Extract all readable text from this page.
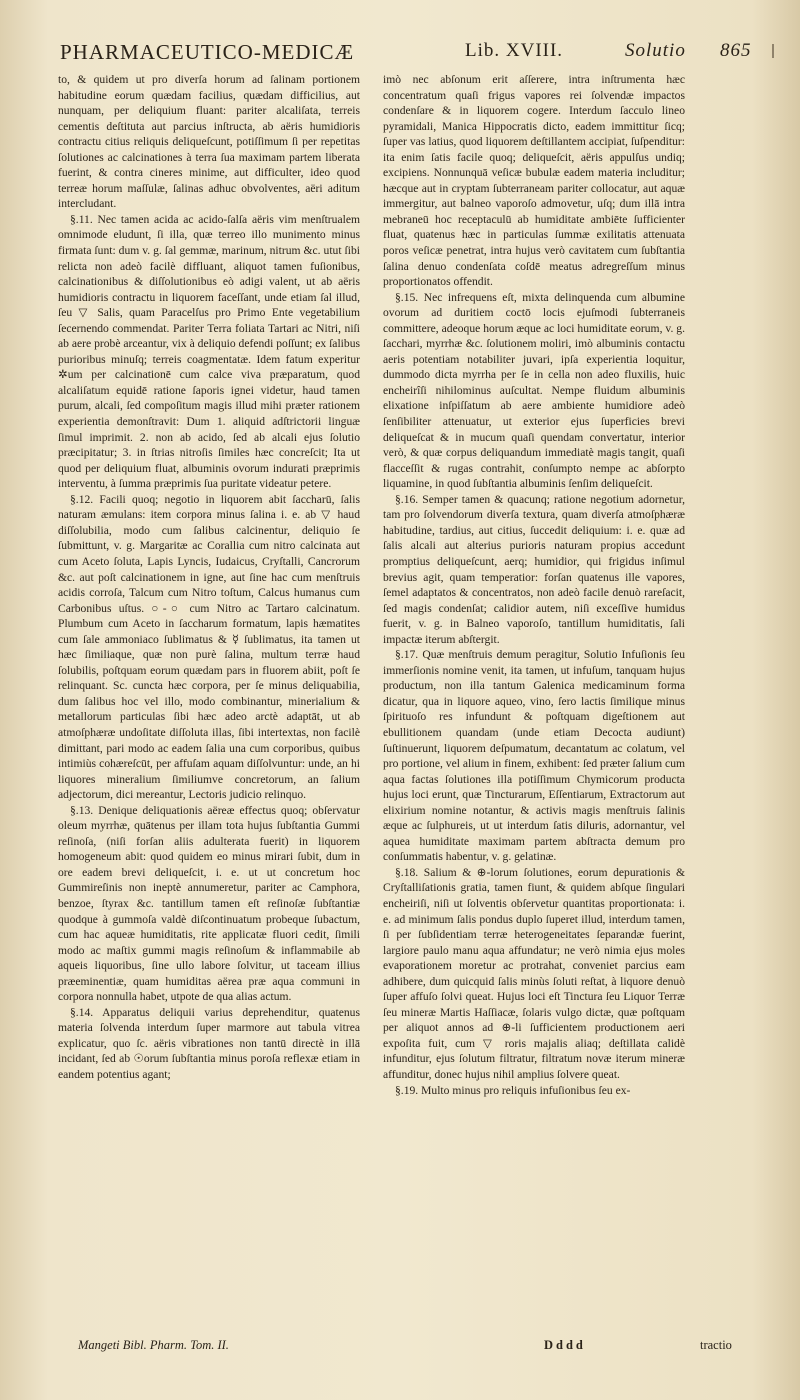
PHARMACEUTICO-MEDICÆ	Lib. XVIII.	Solutio 865

to, & quidem ut pro diverſa horum ad ſalinam portionem habitudine eorum quædam facilius, quædam difficilius, aut nunquam, per deliquium fluant: pariter alcaliſata, terreis cementis deſtituta aut parcius inſtructa, ab aëris humidioris contractu citius reliquis deliqueſcunt, potiſſimum ſi per repetitas ſolutiones ac calcinationes à terra ſua maximam partem liberata fuerint, & contra cineres minime, aut difficulter, ideo quod terreæ horum maſſulæ, ſalinas adhuc obvolventes, aëri aditum intercludant.

§.11. Nec tamen acida ac acido-ſalſa aëris vim menſtrualem omnimode eludunt, ſi illa, quæ terreo illo munimento minus firmata ſunt: dum v. g. ſal gemmæ, marinum, nitrum &c. utut ſibi relicta non adeò facilè diffluant, aliquot tamen fuſionibus, calcinationibus & diſſolutionibus eò adigi valent, ut ab aëris humidioris contractu in liquorem faceſſant, unde etiam ſal illud, ſeu ▽ Salis, quam Paracelſus pro Primo Ente vegetabilium ſecernendo commendat. Pariter Terra foliata Tartari ac Nitri, niſi ab aere probè arceantur, vix à deliquio defendi poſſunt; ex ſalibus purioribus minuſq; terreis coagmentatæ. Idem fatum experitur ✲um per calcinationē cum calce viva præparatum, quod alcaliſatum equidē ratione ſaporis ignei videtur, haud tamen purum, alcali, ſed compoſitum magis illud mihi præter rationem experientia demonſtravit: Dum 1. aliquid adſtrictorii linguæ ſimul imprimit. 2. non ab acido, ſed ab alcali ejus ſolutio præcipitatur; 3. in ſtrias nitroſis ſimiles hæc concreſcit; Ita ut quod per deliquium fluat, albuminis ovorum indurati præprimis interventu, à ſumma præprimis ſua puritate videatur petere.

§.12. Facili quoq; negotio in liquorem abit ſaccharū, ſalis naturam æmulans: item corpora minus ſalina i. e. ab ▽ haud diſſolubilia, modo cum ſalibus calcinentur, deliquio ſe ſubmittunt, v. g. Margaritæ ac Corallia cum nitro calcinata aut cum Aceto ſoluta, Lapis Lyncis, Iudaicus, Cryſtalli, Cancrorum &c. aut poſt calcinationem in igne, aut ſine hac cum menſtruis acidis corroſa, Talcum cum Nitro toſtum, Calcus humanus cum Carbonibus uſtus. ○-○ cum Nitro ac Tartaro calcinatum. Plumbum cum Aceto in ſaccharum formatum, lapis hæmatites cum ſale ammoniaco ſublimatus & ☿ ſublimatus, ita tamen ut hæc ſimiliaque, quæ non purè ſalina, multum terræ haud ſolubilis, poſtquam eorum quædam pars in fluorem abiit, poſt ſe relinquant. Sc. cuncta hæc corpora, per ſe minus deliquabilia, dum ſalibus hoc vel illo, modo combinantur, minerialium & metallorum particulas ſibi hæc adeo arctè adaptāt, ut ab atmoſphæræ undoſitate diſſoluta illas, ſibi intertextas, non facilè dimittant, pari modo ac eadem ſalia una cum corporibus, quibus intimiùs cohæreſcūt, per affuſam aquam diſſolvuntur: unde, an hi liquores mineralium ſimiliumve concretorum, an ſalium adjectorum, dici mereantur, Lectoris judicio relinquo.

§.13. Denique deliquationis aëreæ effectus quoq; obſervatur oleum myrrhæ, quātenus per illam tota hujus ſubſtantia Gummi reſinoſa, (niſi forſan aliis adulterata fuerit) in liquorem homogeneum abit: quod quidem eo minus mirari ſubit, dum in ore eadem brevi deliqueſcit, i. e. ut ut concretum hoc Gummireſinis non ineptè annumeretur, pariter ac Camphora, benzoe, ſtyrax &c. tantillum tamen eſt reſinoſæ ſubſtantiæ quodque à gummoſa valdè diſcontinuatum probeque ſubactum, cum hac aqueæ humiditatis, rite applicatæ fluori cedit, ſimili modo ac maſtix gummi magis reſinoſum & inflammabile ab aqueis liquoribus, ſine ullo labore ſolvitur, ut taceam illius præeminentiæ, quam humiditas aërea præ aqua communi in corpora nonnulla habet, utpote de qua alias actum.

§.14. Apparatus deliquii varius deprehenditur, quatenus materia ſolvenda interdum ſuper marmore aut tabula vitrea explicatur, quo ſc. aëris vibrationes non tantū directè in illā incidant, ſed ab ☉orum ſubſtantia minus poroſa reflexæ etiam in eandem potentius agant;

imò nec abſonum erit aſſerere, intra inſtrumenta hæc concentratum quaſi frigus vapores rei ſolvendæ impactos condenſare & in liquorem cogere. Interdum ſacculo lineo pyramidali, Manica Hippocratis dicto, eadem immittitur ſicq; ſuper vas latius, quod liquorem deſtillantem accipiat, ſuſpenditur: ita enim ſatis facile quoq; deliqueſcit, aëris appulſus undiq; excipiens. Nonnunquā veſicæ bubulæ eadem materia includitur; hæcque aut in cryptam ſubterraneam pariter collocatur, aut aquæ immergitur, aut balneo vaporoſo admovetur, uſq; dum illā intra mebraneū hoc receptaculū ab humiditate ambiēte ſufficienter fluat, quatenus hæc in particulas ſummæ exilitatis attenuata poros veſicæ penetrat, intra hujus verò cavitatem cum ſubſtantia ſalina denuo condenſata coſdē meatus adregreſſum minus proportionatos offendit.

§.15. Nec infrequens eſt, mixta delinquenda cum albumine ovorum ad duritiem coctō locis ejuſmodi ſubterraneis committere, adeoque horum æque ac loci humiditate eorum, v. g. ſacchari, myrrhæ &c. ſolutionem moliri, imò albuminis contactu aeris potentiam notabiliter juvari, ipſa experientia loquitur, dummodo dicta myrrha per ſe in cella non adeo fluxilis, huic encheirîſi nihilominus auſcultat. Nempe fluidum albuminis elixatione inſpiſſatum ab aere ambiente humidiore adeò ſenſibiliter attenuatur, ut exterior ejus ſuperficies brevi deliqueſcat & in mucum quaſi quendam convertatur, interior verò, & quæ corpus deliquandum immediatè magis tangit, quaſi flacceſſit & rugas contrahit, conſumpto nempe ac abſorpto liquamine, in quod ſubſtantia albuminis ſenſim deliqueſcit.

§.16. Semper tamen & quacunq; ratione negotium adornetur, tam pro ſolvendorum diverſa textura, quam diverſa atmoſphæræ habitudine, tardius, aut citius, ſuccedit deliquium: i. e. quæ ad ſalis alcali aut alterius purioris naturam propius accedunt promptius deliqueſcunt, aerq; humidior, qui frigidus inſimul brevius agit, quam temperatior: forſan quatenus ille vapores, ſemel adaptatos & concentratos, non adeò facile denuò rareſacit, ſed magis condenſat; calidior autem, niſi exceſſive humidus fuerit, v. g. in Balneo vaporoſo, tantillum humiditatis, ſali impactæ iterum abſtergit.

§.17. Quæ menſtruis demum peragitur, Solutio Infuſionis ſeu immerſionis nomine venit, ita tamen, ut infuſum, tanquam hujus productum, non illa tantum Galenica medicaminum forma dicatur, qua in liquore aqueo, vino, ſero lactis ſimilique minus ſpirituoſo res infundunt & poſtquam digeſtionem aut ebullitionem quandam (unde etiam Decocta audiunt) ſuſtinuerunt, liquorem deſpumatum, decantatum ac colatum, vel pro portione, vel alium in finem, exhibent: ſed præter ſalium cum aqua factas ſolutiones illa potiſſimum Chymicorum producta hujus loci erunt, quæ Tincturarum, Eſſentiarum, Extractorum aut elixirium nomine notantur, & activis magis menſtruis ſalinis æque ac ſulphureis, ut ut interdum ſatis diluris, adornantur, vel aquea humiditate maximam partem abſtracta demum pro conſummatis habentur, v. g. gelatinæ.

§.18. Salium & ⊕-lorum ſolutiones, eorum depurationis & Cryſtalliſationis gratia, tamen fiunt, & quidem abſque ſingulari encheiriſi, niſi ut ſolventis obſervetur quantitas proportionata: i. e. ad minimum ſalis pondus duplo ſuperet illud, interdum tamen, ſi per ſubſidentiam terræ heterogeneitates ſeparandæ fuerint, largiore paulo manu aqua affundatur; ne verò nimia ejus moles evaporationem moretur ac protrahat, conveniet parcius eam adhibere, dum quicquid ſalis minùs ſoluti reſtat, à liquore denuò ſuper affuſo ſolvi queat. Hujus loci eſt Tinctura ſeu Liquor Terræ ſeu mineræ Martis Haſſiacæ, ſolaris vulgo dictæ, quæ poſtquam per aliquot annos ad ⊕-li ſufficientem productionem aeri expoſita fuit, cum ▽ roris majalis aliaq; deſtillata calidè infunditur, ejus ſolutum filtratur, filtratum novæ iterum mineræ affunditur, donec hujus nihil amplius ſolvere queat.

§.19. Multo minus pro reliquis infuſionibus ſeu ex-

Mangeti Bibl. Pharm. Tom. II.	Dddd	tractio
